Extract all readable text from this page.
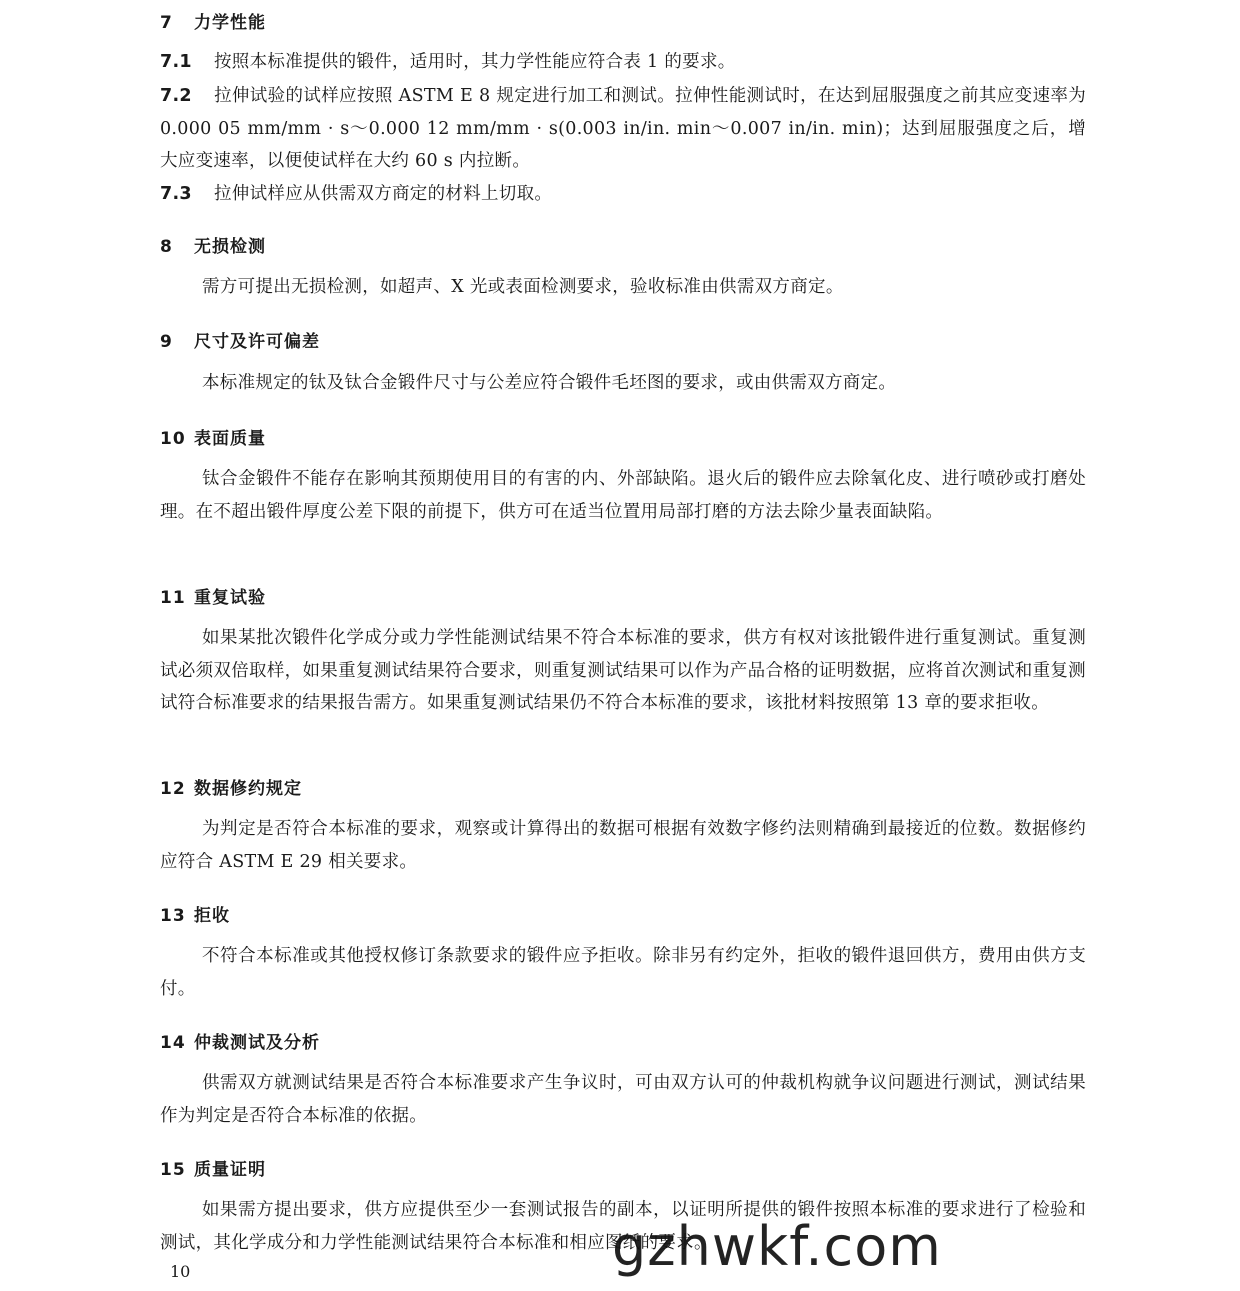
7 力学性能
7.1 按照本标准提供的锻件，适用时，其力学性能应符合表 1 的要求。
7.2 拉伸试验的试样应按照 ASTM E 8 规定进行加工和测试。拉伸性能测试时，在达到屈服强度之前其应变速率为 0.000 05 mm/mm · s～0.000 12 mm/mm · s(0.003 in/in. min～0.007 in/in. min)；达到屈服强度之后，增大应变速率，以便使试样在大约 60 s 内拉断。
7.3 拉伸试样应从供需双方商定的材料上切取。
8 无损检测
需方可提出无损检测，如超声、X 光或表面检测要求，验收标准由供需双方商定。
9 尺寸及许可偏差
本标准规定的钛及钛合金锻件尺寸与公差应符合锻件毛坯图的要求，或由供需双方商定。
10 表面质量
钛合金锻件不能存在影响其预期使用目的有害的内、外部缺陷。退火后的锻件应去除氧化皮、进行喷砂或打磨处理。在不超出锻件厚度公差下限的前提下，供方可在适当位置用局部打磨的方法去除少量表面缺陷。
11 重复试验
如果某批次锻件化学成分或力学性能测试结果不符合本标准的要求，供方有权对该批锻件进行重复测试。重复测试必须双倍取样，如果重复测试结果符合要求，则重复测试结果可以作为产品合格的证明数据，应将首次测试和重复测试符合标准要求的结果报告需方。如果重复测试结果仍不符合本标准的要求，该批材料按照第 13 章的要求拒收。
12 数据修约规定
为判定是否符合本标准的要求，观察或计算得出的数据可根据有效数字修约法则精确到最接近的位数。数据修约应符合 ASTM E 29 相关要求。
13 拒收
不符合本标准或其他授权修订条款要求的锻件应予拒收。除非另有约定外，拒收的锻件退回供方，费用由供方支付。
14 仲裁测试及分析
供需双方就测试结果是否符合本标准要求产生争议时，可由双方认可的仲裁机构就争议问题进行测试，测试结果作为判定是否符合本标准的依据。
15 质量证明
如果需方提出要求，供方应提供至少一套测试报告的副本，以证明所提供的锻件按照本标准的要求进行了检验和测试，其化学成分和力学性能测试结果符合本标准和相应图纸的要求。
10	gzhwkf.com
